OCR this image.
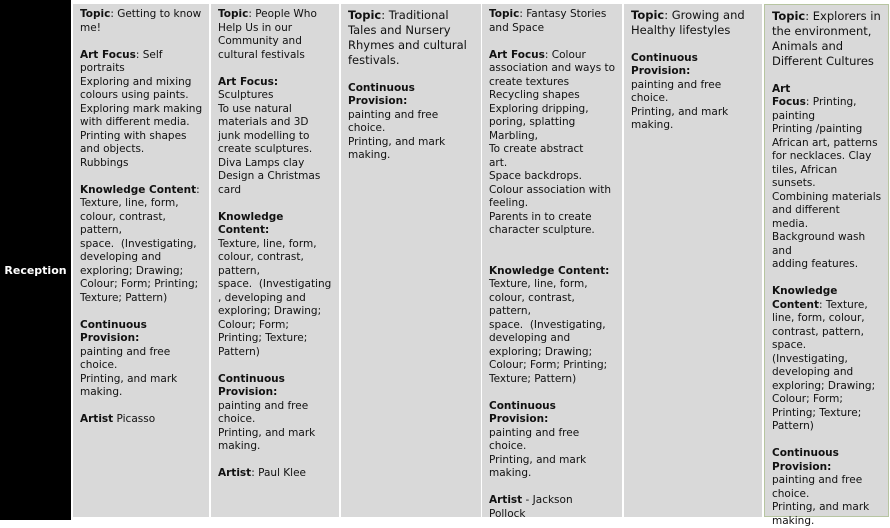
Reception
Topic: Getting to know
me!
Art Focus: Self
portraits
Exploring and mixing
colours using paints.
Exploring mark making
with different media.
Printing with shapes
and objects.
Rubbings
Knowledge Content:
Texture, line, form,
colour, contrast,
pattern,
space.  (Investigating,
developing and
exploring; Drawing;
Colour; Form; Printing;
Texture; Pattern)
Continuous Provision:
painting and free
choice.
Printing, and mark
making.
Artist Picasso
Topic: People Who
Help Us in our
Community and
cultural festivals
Art Focus:
Sculptures
To use natural
materials and 3D
junk modelling to
create sculptures.
Diva Lamps clay
Design a Christmas
card
Knowledge Content:
Texture, line, form,
colour, contrast,
pattern,
space.  (Investigating
, developing and
exploring; Drawing;
Colour; Form;
Printing; Texture;
Pattern)
Continuous Provision:
painting and free
choice.
Printing, and mark
making.
Artist: Paul Klee
Topic: Traditional
Tales and Nursery
Rhymes and cultural
festivals.
Continuous Provision:
painting and free
choice.
Printing, and mark
making.
Topic: Fantasy Stories
and Space
Art Focus: Colour
association and ways to
create textures
Recycling shapes
Exploring dripping,
poring, splatting
Marbling,
To create abstract
art.
Space backdrops.
Colour association with
feeling.
Parents in to create
character sculpture.
Knowledge Content:
Texture, line, form,
colour, contrast,
pattern,
space.  (Investigating,
developing and
exploring; Drawing;
Colour; Form; Printing;
Texture; Pattern)
Continuous Provision:
painting and free
choice.
Printing, and mark
making.
Artist - Jackson
Pollock
Topic: Growing and
Healthy lifestyles
Continuous Provision:
painting and free
choice.
Printing, and mark
making.
Topic: Explorers in
the environment,
Animals and
Different Cultures
Art
Focus: Printing,
painting
Printing /painting
African art, patterns
for necklaces. Clay
tiles, African
sunsets.
Combining materials
and different
media.
Background wash and
adding features.
Knowledge
Content: Texture,
line, form, colour,
contrast, pattern,
space.
(Investigating,
developing and
exploring; Drawing;
Colour; Form;
Printing; Texture;
Pattern)
Continuous Provision:
painting and free
choice.
Printing, and mark
making.
